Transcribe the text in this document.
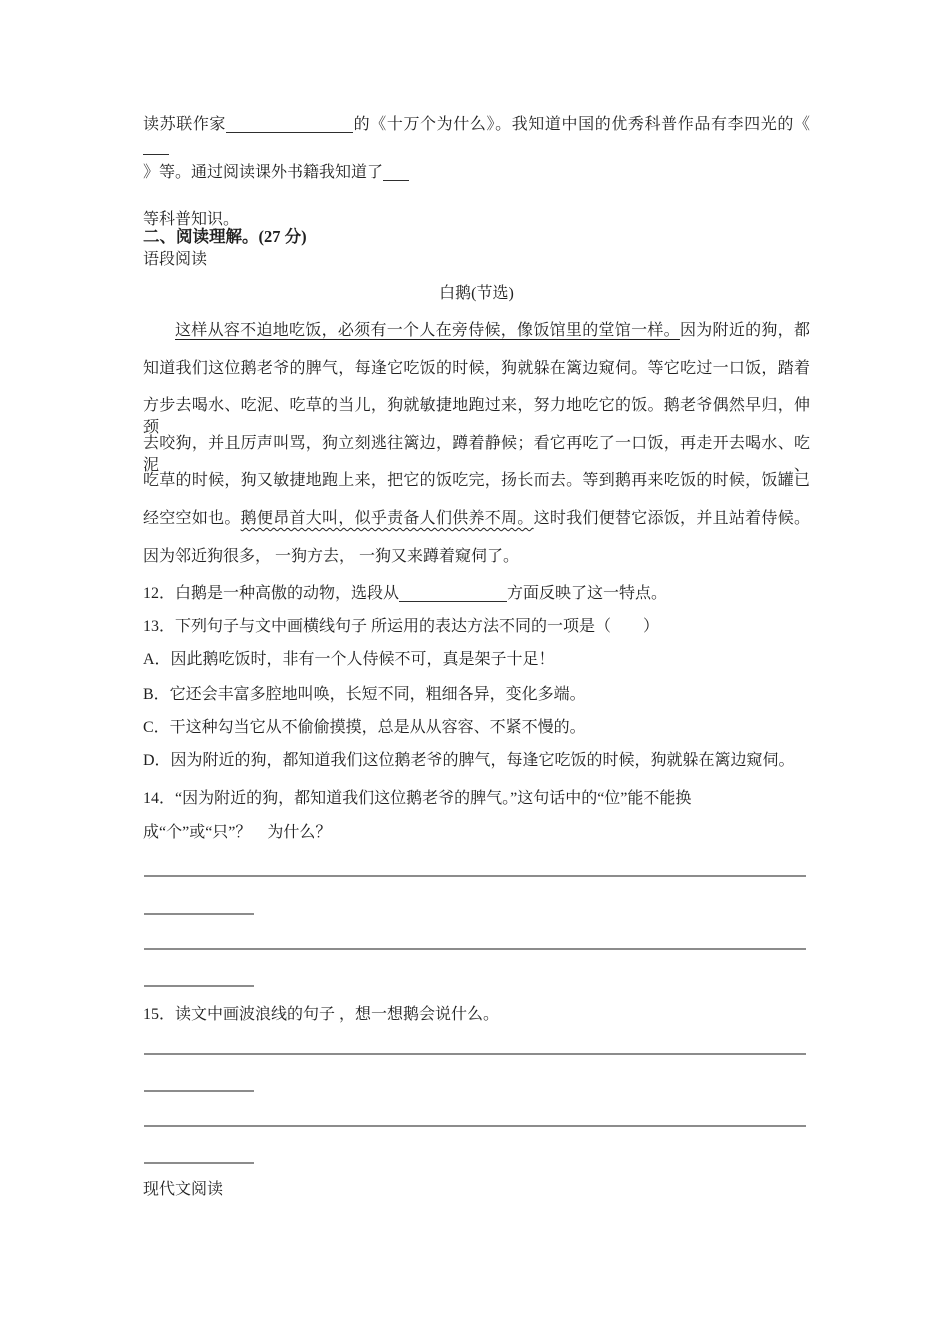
读苏联作家	的《十万个为什么》。我知道中国的优秀科普作品有李四光的《
》等。通过阅读课外书籍我知道了
等科普知识。
二、阅读理解。(27 分)
语段阅读
白鹅(节选)
这样从容不迫地吃饭，必须有一个人在旁侍候，像饭馆里的堂馆一样。因为附近的狗，都
知道我们这位鹅老爷的脾气，每逢它吃饭的时候，狗就躲在篱边窥伺。等它吃过一口饭，踏着
方步去喝水、吃泥、吃草的当儿，狗就敏捷地跑过来，努力地吃它的饭。鹅老爷偶然早归，伸颈
去咬狗，并且厉声叫骂，狗立刻逃往篱边，蹲着静候；看它再吃了一口饭，再走开去喝水、吃泥、
吃草的时候，狗又敏捷地跑上来，把它的饭吃完，扬长而去。等到鹅再来吃饭的时候，饭罐已
经空空如也。鹅便昂首大叫，似乎责备人们供养不周。这时我们便替它添饭，并且站着侍候。
因为邻近狗很多， 一狗方去， 一狗又来蹲着窥伺了。
12．白鹅是一种高傲的动物，选段从	方面反映了这一特点。
13．下列句子与文中画横线句子 所运用的表达方法不同的一项是（　　）
A．因此鹅吃饭时，非有一个人侍候不可，真是架子十足！
B．它还会丰富多腔地叫唤，长短不同，粗细各异，变化多端。
C．干这种勾当它从不偷偷摸摸，总是从从容容、不紧不慢的。
D．因为附近的狗，都知道我们这位鹅老爷的脾气，每逢它吃饭的时候，狗就躲在篱边窥伺。
14．“因为附近的狗，都知道我们这位鹅老爷的脾气。”这句话中的“位”能不能换
成“个”或“只”？　为什么？
15．读文中画波浪线的句子 ，想一想鹅会说什么。
现代文阅读
